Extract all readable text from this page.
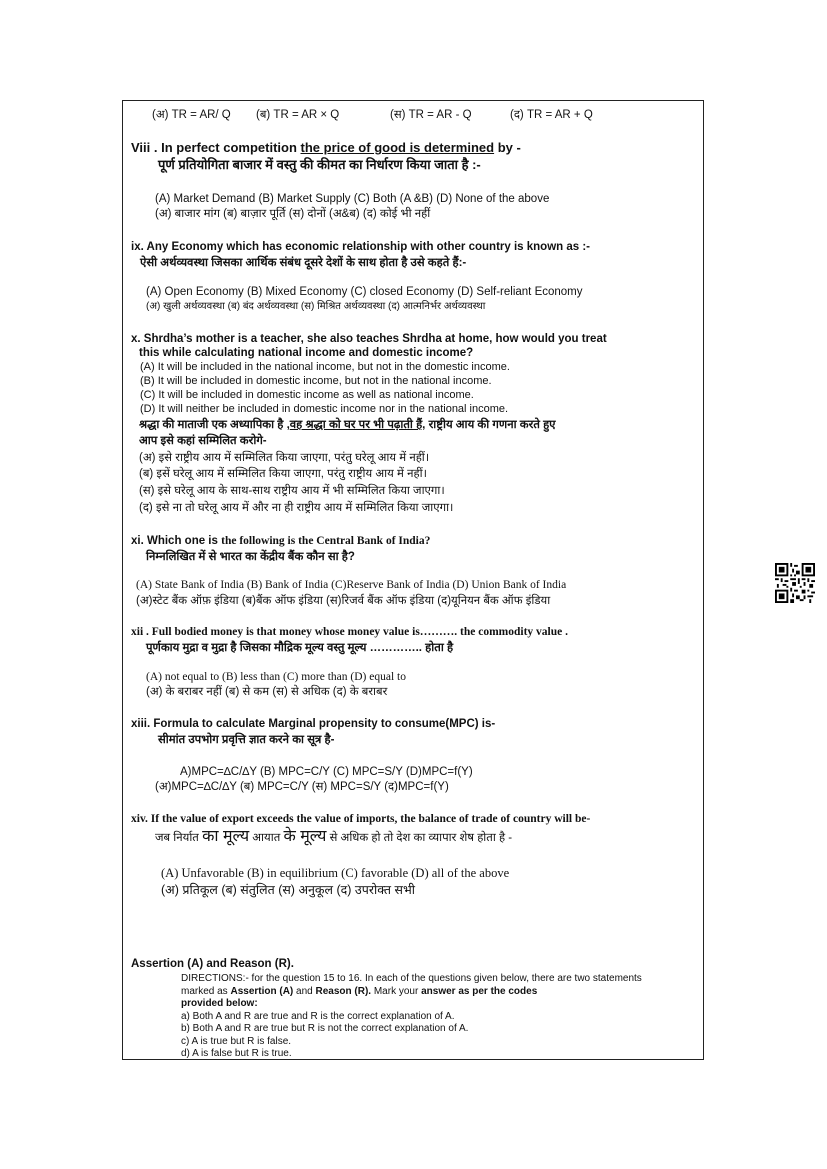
(अ) TR = AR/ Q (ब) TR = AR × Q	(स) TR = AR - Q	(द) TR = AR + Q
Viii . In perfect competition the price of good is determined by -
पूर्ण प्रतियोगिता बाजार में वस्तु की कीमत का निर्धारण किया जाता है :-
(A) Market Demand (B) Market Supply (C) Both (A &B) (D) None of the above
(अ) बाजार मांग (ब) बाज़ार पूर्ति (स) दोनों (अ&ब) (द) कोई भी नहीं
ix. Any Economy which has economic relationship with other country is known as :-
ऐसी अर्थव्यवस्था जिसका आर्थिक संबंध दूसरे देशों के साथ होता है उसे कहते हैं:-
(A) Open Economy (B) Mixed Economy (C) closed Economy (D) Self-reliant Economy
(अ) खुली अर्थव्यवस्था (ब) बंद अर्थव्यवस्था (स) मिश्रित अर्थव्यवस्था (द) आत्मनिर्भर अर्थव्यवस्था
x. Shrdha’s mother is a teacher, she also teaches Shrdha at home, how would you treat
this while calculating national income and domestic income?
(A) It will be included in the national income, but not in the domestic income.
(B) It will be included in domestic income, but not in the national income.
(C) It will be included in domestic income as well as national income.
(D) It will neither be included in domestic income nor in the national income.
श्रद्धा की माताजी एक अध्यापिका है ,वह श्रद्धा को घर पर भी पढ़ाती हैं, राष्ट्रीय आय की गणना करते हुए
आप इसे कहां सम्मिलित करोगे-
(अ) इसे राष्ट्रीय आय में सम्मिलित किया जाएगा, परंतु घरेलू आय में नहीं।
(ब) इसें घरेलू आय में सम्मिलित किया जाएगा, परंतु राष्ट्रीय आय में नहीं।
(स) इसे घरेलू आय के साथ-साथ राष्ट्रीय आय में भी सम्मिलित किया जाएगा।
(द) इसे ना तो घरेलू आय में और ना ही राष्ट्रीय आय में सम्मिलित किया जाएगा।
xi. Which one is the following is the Central Bank of India?
निम्नलिखित में से भारत का केंद्रीय बैंक कौन सा है?
(A) State Bank of India (B) Bank of India (C)Reserve Bank of India (D) Union Bank of India
(अ)स्टेट बैंक ऑफ़ इंडिया (ब)बैंक ऑफ इंडिया (स)रिजर्व बैंक ऑफ इंडिया (द)यूनियन बैंक ऑफ इंडिया
xii . Full bodied money is that money whose money value is………. the commodity value .
पूर्णकाय मुद्रा व मुद्रा है जिसका मौद्रिक मूल्य वस्तु मूल्य ………….. होता है
(A) not equal to (B) less than (C) more than (D) equal to
(अ) के बराबर नहीं (ब) से कम (स) से अधिक (द) के बराबर
xiii. Formula to calculate Marginal propensity to consume(MPC) is-
सीमांत उपभोग प्रवृत्ति ज्ञात करने का सूत्र है-
A)MPC=∆C/∆Y (B) MPC=C/Y (C) MPC=S/Y (D)MPC=f(Y)
(अ)MPC=∆C/∆Y (ब) MPC=C/Y (स) MPC=S/Y (द)MPC=f(Y)
xiv. If the value of export exceeds the value of imports, the balance of trade of country will be-
जब निर्यात का मूल्य आयात के मूल्य से अधिक हो तो देश का व्यापार शेष होता है -
(A) Unfavorable (B) in equilibrium (C) favorable (D) all of the above
(अ) प्रतिकूल (ब) संतुलित (स) अनुकूल (द) उपरोक्त सभी
Assertion (A) and Reason (R).
DIRECTIONS:- for the question 15 to 16. In each of the questions given below, there are two statements
marked as Assertion (A) and Reason (R). Mark your answer as per the codes
provided below:
a) Both A and R are true and R is the correct explanation of A.
b) Both A and R are true but R is not the correct explanation of A.
c) A is true but R is false.
d) A is false but R is true.
